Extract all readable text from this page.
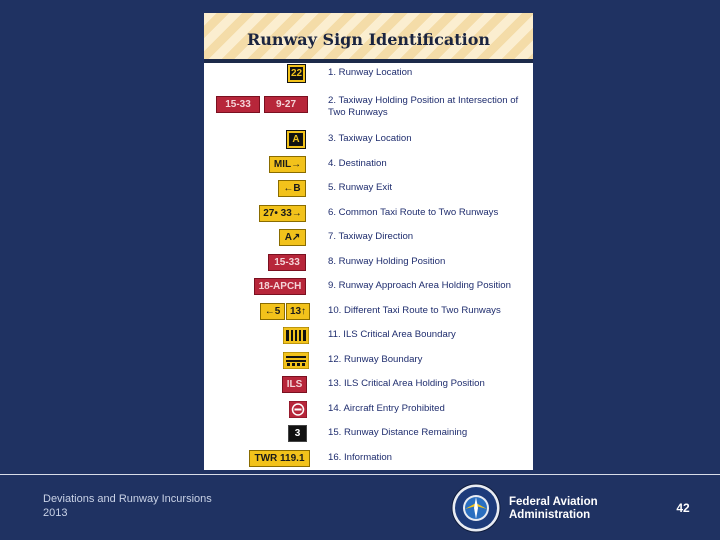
Runway Sign Identification
22	1. Runway Location
15-33	9-27	2. Taxiway Holding Position at Intersection of Two Runways
A	3. Taxiway Location
MIL→	4. Destination
←B	5. Runway Exit
27• 33→	6. Common Taxi Route to Two Runways
A↗	7. Taxiway Direction
15-33	8. Runway Holding Position
18-APCH	9. Runway Approach Area Holding Position
←5 13↑	10. Different Taxi Route to Two Runways
11. ILS Critical Area Boundary
12. Runway Boundary
ILS	13. ILS Critical Area Holding Position
14. Aircraft Entry Prohibited
3	15. Runway Distance Remaining
TWR 119.1	16. Information
Deviations and Runway Incursions
2013
Federal Aviation
Administration	42
